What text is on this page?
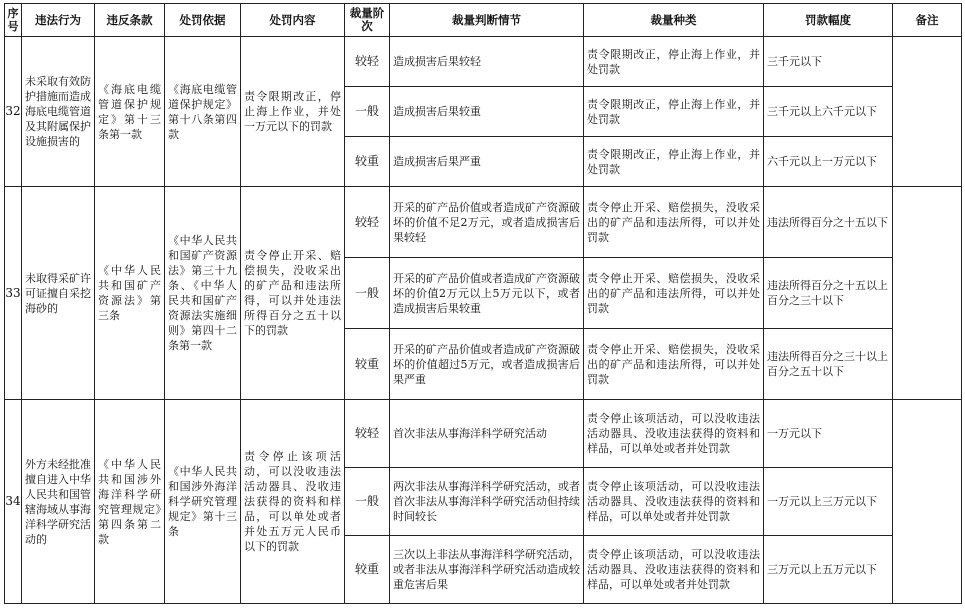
序号	违法行为	违反条款	处罚依据	处罚内容	裁量阶次	裁量判断情节	裁量种类	罚款幅度	备注
32	未采取有效防护措施而造成海底电缆管道及其附属保护设施损害的	《海底电缆管道保护规定》第十三条第一款	《海底电缆管道保护规定》第十八条第四款	责令限期改正，停止海上作业，并处一万元以下的罚款	较轻	造成损害后果较轻	责令限期改正，停止海上作业，并处罚款	三千元以下	
					一般	造成损害后果较重	责令限期改正，停止海上作业，并处罚款	三千元以上六千元以下	
					较重	造成损害后果严重	责令限期改正，停止海上作业，并处罚款	六千元以上一万元以下	
33	未取得采矿许可证擅自采挖海砂的	《中华人民共和国矿产资源法》第三条	《中华人民共和国矿产资源法》第三十九条、《中华人民共和国矿产资源法实施细则》第四十二条第一款	责令停止开采、赔偿损失，没收采出的矿产品和违法所得，可以并处违法所得百分之五十以下的罚款	较轻	开采的矿产品价值或者造成矿产资源破坏的价值不足2万元，或者造成损害后果较轻	责令停止开采、赔偿损失，没收采出的矿产品和违法所得，可以并处罚款	违法所得百分之十五以下	
					一般	开采的矿产品价值或者造成矿产资源破坏的价值2万元以上5万元以下，或者造成损害后果较重	责令停止开采、赔偿损失，没收采出的矿产品和违法所得，可以并处罚款	违法所得百分之十五以上百分之三十以下	
					较重	开采的矿产品价值或者造成矿产资源破坏的价值超过5万元，或者造成损害后果严重	责令停止开采、赔偿损失，没收采出的矿产品和违法所得，可以并处罚款	违法所得百分之三十以上百分之五十以下	
34	外方未经批准擅自进入中华人民共和国管辖海域从事海洋科学研究活动的	《中华人民共和国涉外海洋科学研究管理规定》第四条第二款	《中华人民共和国涉外海洋科学研究管理规定》第十三条	责令停止该项活动，可以没收违法活动器具、没收违法获得的资料和样品，可以单处或者并处五万元人民币以下的罚款	较轻	首次非法从事海洋科学研究活动	责令停止该项活动，可以没收违法活动器具、没收违法获得的资料和样品，可以单处或者并处罚款	一万元以下	
					一般	两次非法从事海洋科学研究活动，或者首次非法从事海洋科学研究活动但持续时间较长	责令停止该项活动，可以没收违法活动器具、没收违法获得的资料和样品，可以单处或者并处罚款	一万元以上三万元以下	
					较重	三次以上非法从事海洋科学研究活动，或者非法从事海洋科学研究活动造成较重危害后果	责令停止该项活动，可以没收违法活动器具、没收违法获得的资料和样品，可以单处或者并处罚款	三万元以上五万元以下	
